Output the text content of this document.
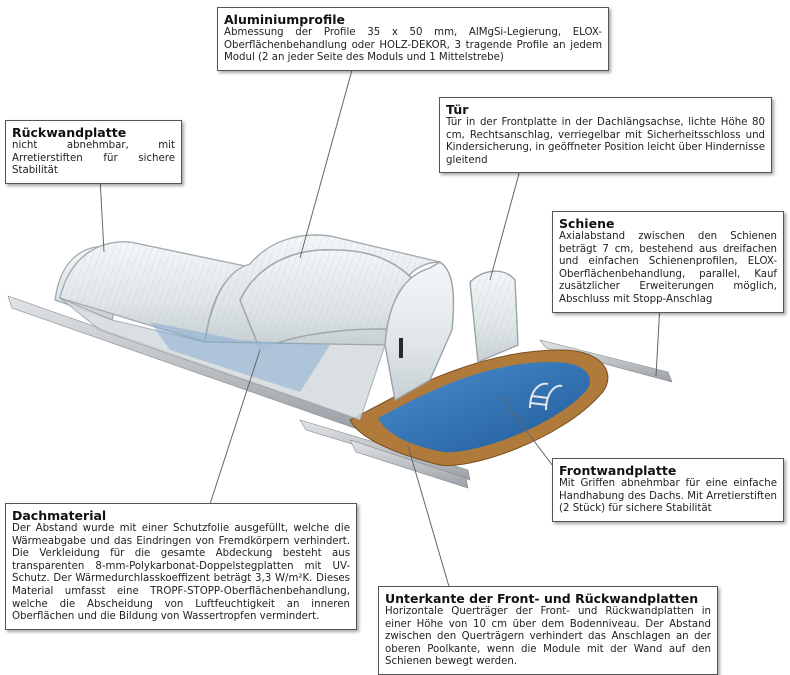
Aluminiumprofile
Abmessung der Profile 35 x 50 mm, AlMgSi-Legierung, ELOX-Oberflächenbehandlung oder HOLZ-DEKOR, 3 tragende Profile an jedem Modul (2 an jeder Seite des Moduls und 1 Mittelstrebe)
Rückwandplatte
nicht abnehmbar, mit Arretierstiften für sichere Stabilität
Tür
Tür in der Frontplatte in der Dachlängsachse, lichte Höhe 80 cm, Rechtsanschlag, verriegelbar mit Sicherheitsschloss und Kindersicherung, in geöffneter Position leicht über Hindernisse gleitend
Schiene
Axialabstand zwischen den Schienen beträgt 7 cm, bestehend aus dreifachen und einfachen Schienenprofilen, ELOX-Oberflächenbehandlung, parallel, Kauf zusätzlicher Erweiterungen möglich, Abschluss mit Stopp-Anschlag
Frontwandplatte
Mit Griffen abnehmbar für eine einfache Handhabung des Dachs. Mit Arretierstiften (2 Stück) für sichere Stabilität
Dachmaterial
Der Abstand wurde mit einer Schutzfolie ausgefüllt, welche die Wärmeabgabe und das Eindringen von Fremdkörpern verhindert. Die Verkleidung für die gesamte Abdeckung besteht aus transparenten 8-mm-Polykarbonat-Doppelstegplatten mit UV-Schutz. Der Wärmedurchlasskoeffizent beträgt 3,3 W/m²K. Dieses Material umfasst eine TROPF-STOPP-Oberflächenbehandlung, welche die Abscheidung von Luftfeuchtigkeit an inneren Oberflächen und die Bildung von Wassertropfen vermindert.
Unterkante der Front- und Rückwandplatten
Horizontale Querträger der Front- und Rückwandplatten in einer Höhe von 10 cm über dem Bodenniveau. Der Abstand zwischen den Querträgern verhindert das Anschlagen an der oberen Poolkante, wenn die Module mit der Wand auf den Schienen bewegt werden.
